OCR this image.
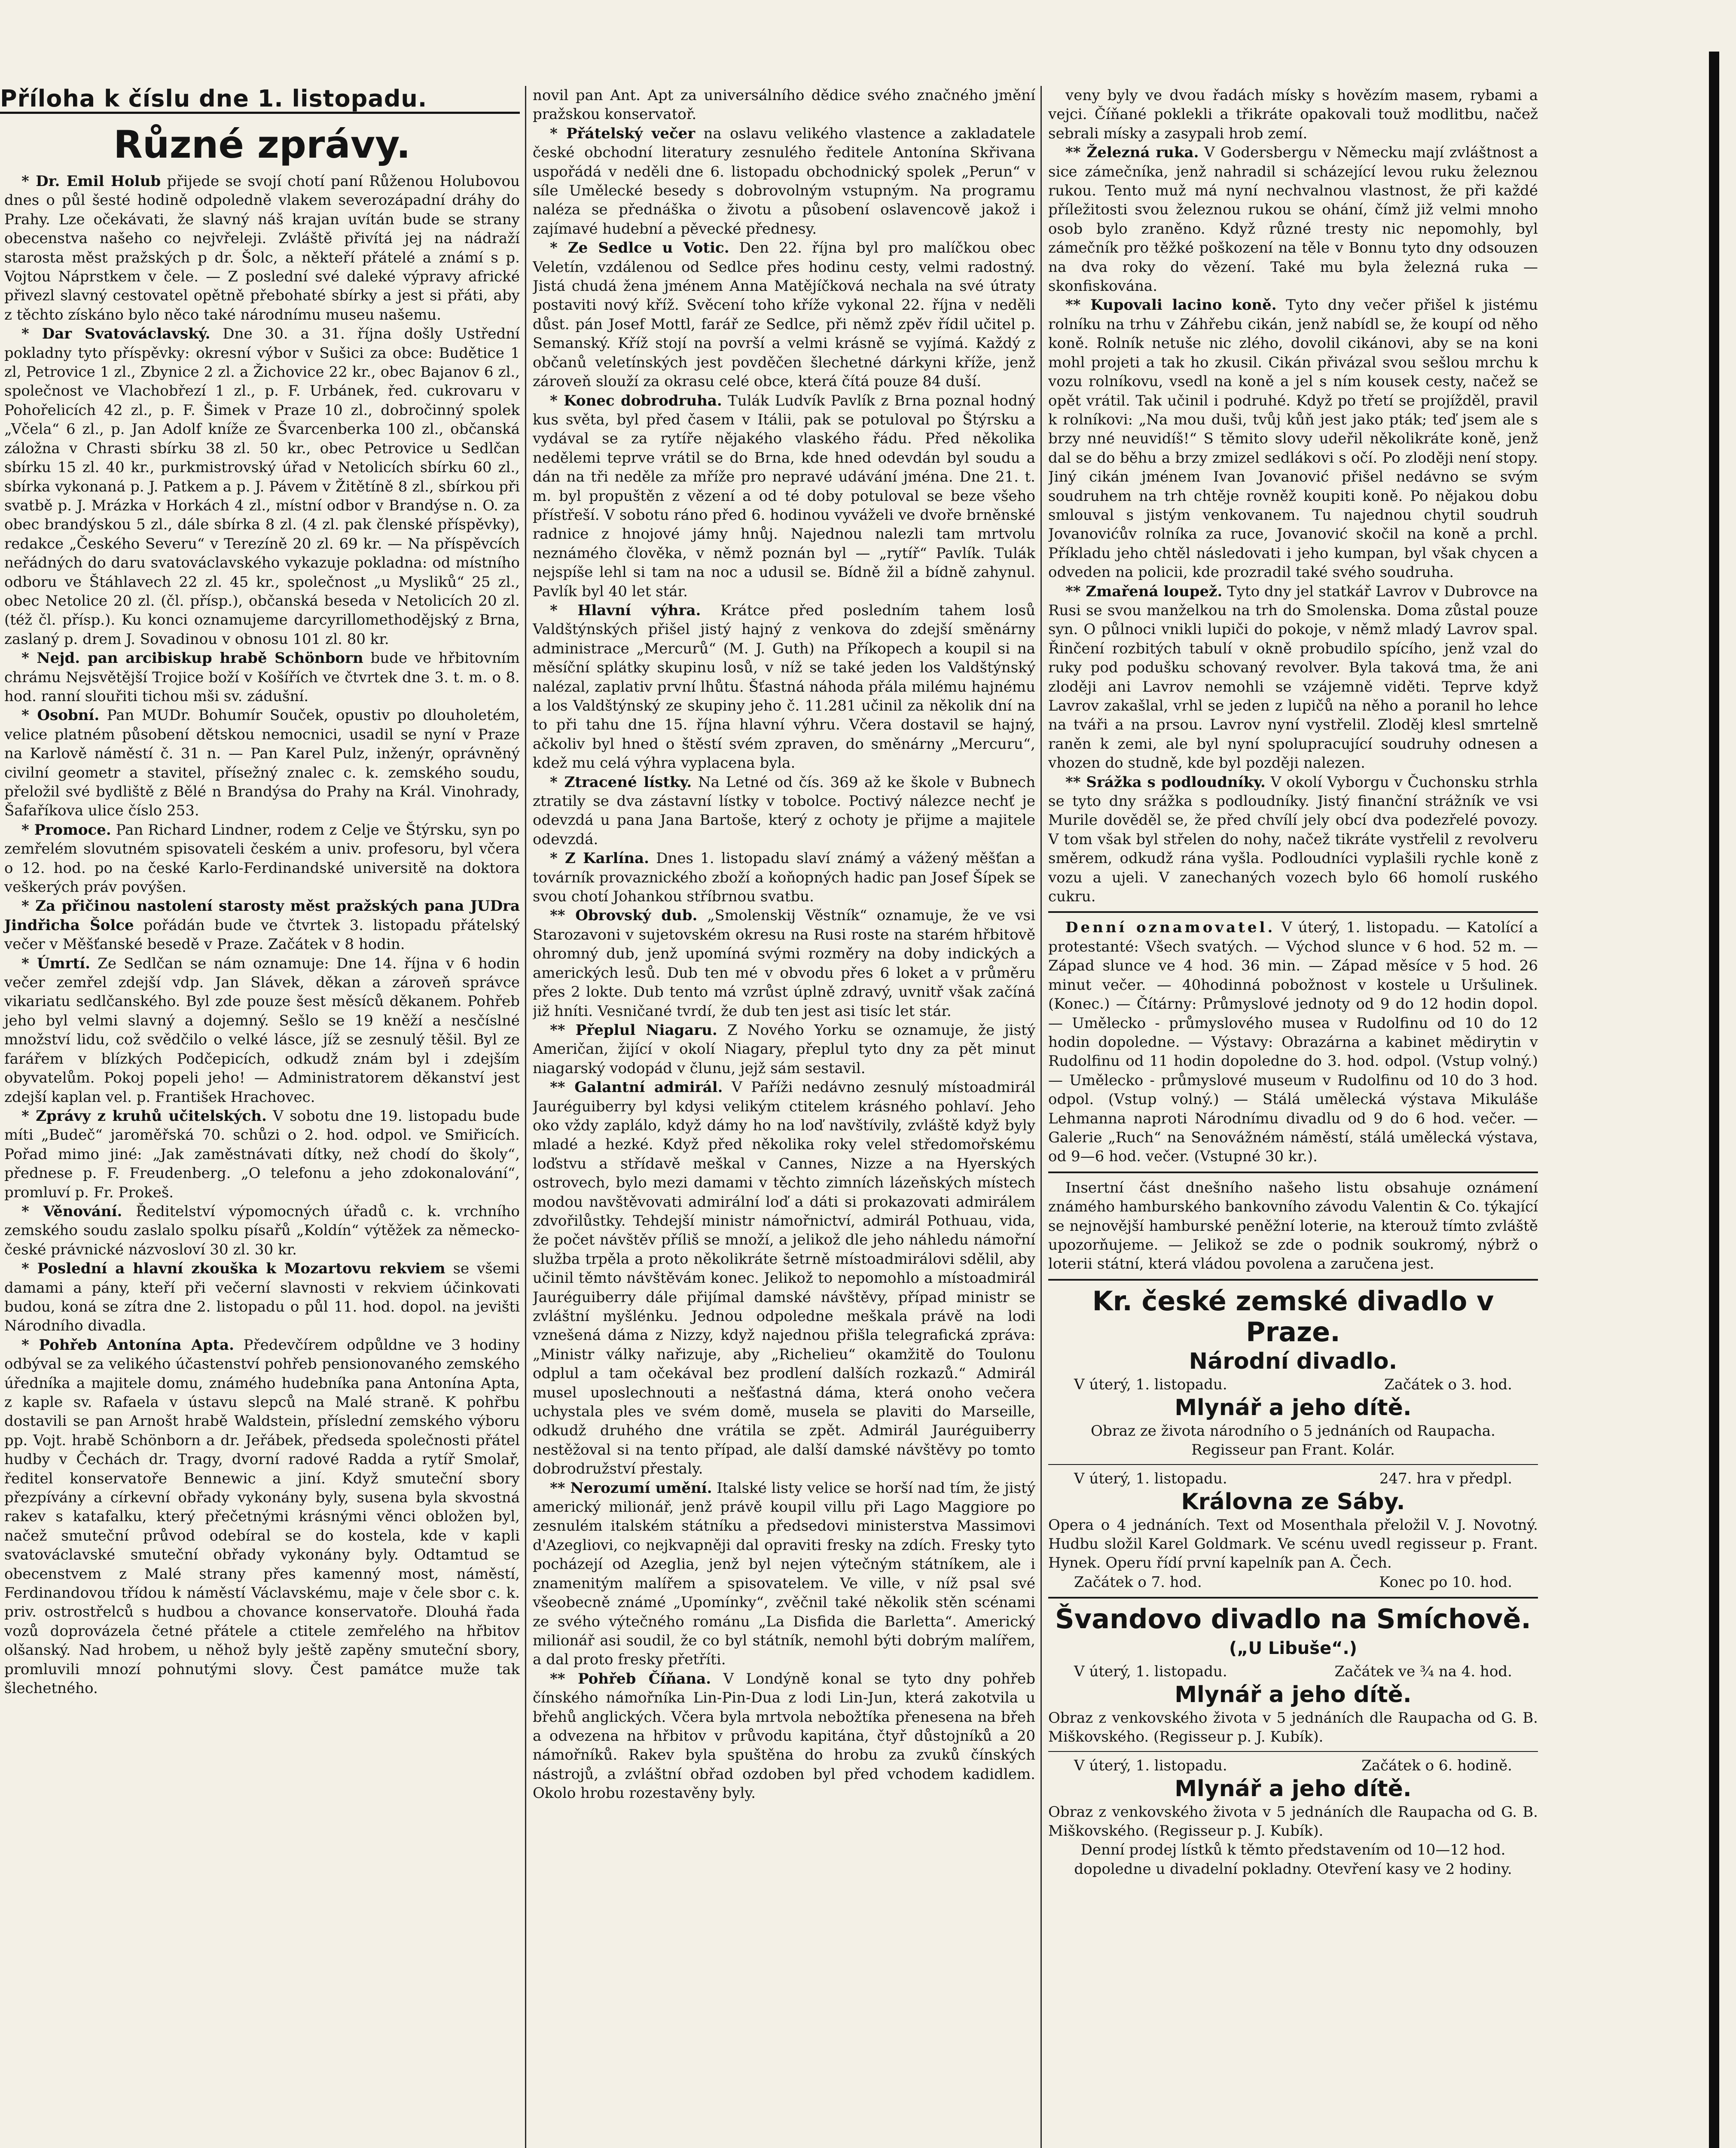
Příloha k číslu dne 1. listopadu.
Různé zprávy.

* Dr. Emil Holub přijede se svojí chotí paní Růženou Holubovou dnes o půl šesté hodině odpoledně vlakem severozápadní dráhy do Prahy. Lze očekávati, že slavný náš krajan uvítán bude se strany obecenstva našeho co nejvřeleji. Zvláště přivítá jej na nádraží starosta měst pražských p dr. Šolc, a někteří přátelé a známí s p. Vojtou Náprstkem v čele. — Z poslední své daleké výpravy africké přivezl slavný cestovatel opětně přebohaté sbírky a jest si přáti, aby z těchto získáno bylo něco také národnímu museu našemu.

* Dar Svatováclavský. Dne 30. a 31. října došly Ustřední pokladny tyto příspěvky: okresní výbor v Sušici za obce: Budětice 1 zl, Petrovice 1 zl., Zbynice 2 zl. a Žichovice 22 kr., obec Bajanov 6 zl., společnost ve Vlachobřezí 1 zl., p. F. Urbánek, řed. cukrovaru v Pohořelicích 42 zl., p. F. Šimek v Praze 10 zl., dobročinný spolek „Včela“ 6 zl., p. Jan Adolf kníže ze Švarcenberka 100 zl., občanská záložna v Chrasti sbírku 38 zl. 50 kr., obec Petrovice u Sedlčan sbírku 15 zl. 40 kr., purkmistrovský úřad v Netolicích sbírku 60 zl., sbírka vykonaná p. J. Patkem a p. J. Pávem v Žitětíně 8 zl., sbírkou při svatbě p. J. Mrázka v Horkách 4 zl., místní odbor v Brandýse n. O. za obec brandýskou 5 zl., dále sbírka 8 zl. (4 zl. pak členské příspěvky), redakce „Českého Severu“ v Terezíně 20 zl. 69 kr. — Na příspěvcích neřádných do daru svatováclavského vykazuje pokladna: od místního odboru ve Štáhlavech 22 zl. 45 kr., společnost „u Mysliků“ 25 zl., obec Netolice 20 zl. (čl. přísp.), občanská beseda v Netolicích 20 zl. (též čl. přísp.). Ku konci oznamujeme darcyrillomethodějský z Brna, zaslaný p. drem J. Sovadinou v obnosu 101 zl. 80 kr.

* Nejd. pan arcibiskup hrabě Schönborn bude ve hřbitovním chrámu Nejsvětější Trojice boží v Košířích ve čtvrtek dne 3. t. m. o 8. hod. ranní slouřiti tichou mši sv. zádušní.

* Osobní. Pan MUDr. Bohumír Souček, opustiv po dlouholetém, velice platném působení dětskou nemocnici, usadil se nyní v Praze na Karlově náměstí č. 31 n. — Pan Karel Pulz, inženýr, oprávněný civilní geometr a stavitel, přísežný znalec c. k. zemského soudu, přeložil své bydliště z Bělé n Brandýsa do Prahy na Král. Vinohrady, Šafaříkova ulice číslo 253.

* Promoce. Pan Richard Lindner, rodem z Celje ve Štýrsku, syn po zemřelém slovutném spisovateli českém a univ. profesoru, byl včera o 12. hod. po na české Karlo-Ferdinandské universitě na doktora veškerých práv povýšen.

* Za přičinou nastolení starosty měst pražských pana JUDra Jindřicha Šolce pořádán bude ve čtvrtek 3. listopadu přátelský večer v Měšťanské besedě v Praze. Začátek v 8 hodin.

* Úmrtí. Ze Sedlčan se nám oznamuje: Dne 14. října v 6 hodin večer zemřel zdejší vdp. Jan Slávek, děkan a zároveň správce vikariatu sedlčanského. Byl zde pouze šest měsíců děkanem. Pohřeb jeho byl velmi slavný a dojemný. Sešlo se 19 kněží a nesčíslné množství lidu, což svědčilo o velké lásce, jíž se zesnulý těšil. Byl ze farářem v blízkých Podčepicích, odkudž znám byl i zdejším obyvatelům. Pokoj popeli jeho! — Administratorem děkanství jest zdejší kaplan vel. p. František Hrachovec.

* Zprávy z kruhů učitelských. V sobotu dne 19. listopadu bude míti „Budeč“ jaroměřská 70. schůzi o 2. hod. odpol. ve Smiřicích. Pořad mimo jiné: „Jak zaměstnávati dítky, než chodí do školy“, přednese p. F. Freudenberg. „O telefonu a jeho zdokonalování“, promluví p. Fr. Prokeš.

* Věnování. Ředitelství výpomocných úřadů c. k. vrchního zemského soudu zaslalo spolku písařů „Koldín“ výtěžek za německo-české právnické názvosloví 30 zl. 30 kr.

* Poslední a hlavní zkouška k Mozartovu rekviem se všemi damami a pány, kteří při večerní slavnosti v rekviem účinkovati budou, koná se zítra dne 2. listopadu o půl 11. hod. dopol. na jevišti Národního divadla.

* Pohřeb Antonína Apta. Předevčírem odpůldne ve 3 hodiny odbýval se za velikého účastenství pohřeb pensionovaného zemského úředníka a majitele domu, známého hudebníka pana Antonína Apta, z kaple sv. Rafaela v ústavu slepců na Malé straně. K pohřbu dostavili se pan Arnošt hrabě Waldstein, příslední zemského výboru pp. Vojt. hrabě Schönborn a dr. Jeřábek, předseda společnosti přátel hudby v Čechách dr. Tragy, dvorní radové Radda a rytíř Smolař, ředitel konservatoře Bennewic a jiní. Když smuteční sbory přezpívány a církevní obřady vykonány byly, susena byla skvostná rakev s katafalku, který přečetnými krásnými věnci obložen byl, načež smuteční průvod odebíral se do kostela, kde v kapli svatováclavské smuteční obřady vykonány byly. Odtamtud se obecenstvem z Malé strany přes kamenný most, náměstí, Ferdinandovou třídou k náměstí Václavskému, maje v čele sbor c. k. priv. ostrostřelců s hudbou a chovance konservatoře. Dlouhá řada vozů doprovázela četné přátele a ctitele zemřelého na hřbitov olšanský. Nad hrobem, u něhož byly ještě zapěny smuteční sbory, promluvili mnozí pohnutými slovy. Čest památce muže tak šlechetného.

novil pan Ant. Apt za universálního dědice svého značného jmění pražskou konservatoř.

* Přátelský večer na oslavu velikého vlastence a zakladatele české obchodní literatury zesnulého ředitele Antonína Skřivana uspořádá v neděli dne 6. listopadu obchodnický spolek „Perun“ v síle Umělecké besedy s dobrovolným vstupným. Na programu naléza se přednáška o životu a působení oslavencově jakož i zajímavé hudební a pěvecké přednesy.

* Ze Sedlce u Votic. Den 22. října byl pro malíčkou obec Veletín, vzdálenou od Sedlce přes hodinu cesty, velmi radostný. Jistá chudá žena jménem Anna Matějíčková nechala na své útraty postaviti nový kříž. Svěcení toho kříže vykonal 22. října v neděli důst. pán Josef Mottl, farář ze Sedlce, při němž zpěv řídil učitel p. Semanský. Kříž stojí na površí a velmi krásně se vyjímá. Každý z občanů veletínských jest povděčen šlechetné dárkyni kříže, jenž zároveň slouží za okrasu celé obce, která čítá pouze 84 duší.

* Konec dobrodruha. Tulák Ludvík Pavlík z Brna poznal hodný kus světa, byl před časem v Itálii, pak se potuloval po Štýrsku a vydával se za rytíře nějakého vlaského řádu. Před několika nedělemi teprve vrátil se do Brna, kde hned odevdán byl soudu a dán na tři neděle za mříže pro nepravé udávání jména. Dne 21. t. m. byl propuštěn z vězení a od té doby potuloval se beze všeho přístřeší. V sobotu ráno před 6. hodinou vyváželi ve dvoře brněnské radnice z hnojové jámy hnůj. Najednou nalezli tam mrtvolu neznámého člověka, v němž poznán byl — „rytíř“ Pavlík. Tulák nejspíše lehl si tam na noc a udusil se. Bídně žil a bídně zahynul. Pavlík byl 40 let stár.

* Hlavní výhra. Krátce před posledním tahem losů Valdštýnských přišel jistý hajný z venkova do zdejší směnárny administrace „Mercurů“ (M. J. Guth) na Příkopech a koupil si na měsíční splátky skupinu losů, v níž se také jeden los Valdštýnský nalézal, zaplativ první lhůtu. Šťastná náhoda přála milému hajnému a los Valdštýnský ze skupiny jeho č. 11.281 učinil za několik dní na to při tahu dne 15. října hlavní výhru. Včera dostavil se hajný, ačkoliv byl hned o štěstí svém zpraven, do směnárny „Mercuru“, kdež mu celá výhra vyplacena byla.

* Ztracené lístky. Na Letné od čís. 369 až ke škole v Bubnech ztratily se dva zástavní lístky v tobolce. Poctivý nálezce nechť je odevzdá u pana Jana Bartoše, který z ochoty je přijme a majitele odevzdá.

* Z Karlína. Dnes 1. listopadu slaví známý a vážený měšťan a továrník provaznického zboží a koňopných hadic pan Josef Šípek se svou chotí Johankou stříbrnou svatbu.

** Obrovský dub. „Smolenskij Věstník“ oznamuje, že ve vsi Starozavoni v sujetovském okresu na Rusi roste na starém hřbitově ohromný dub, jenž upomíná svými rozměry na doby indických a amerických lesů. Dub ten mé v obvodu přes 6 loket a v průměru přes 2 lokte. Dub tento má vzrůst úplně zdravý, uvnitř však začíná již hníti. Vesničané tvrdí, že dub ten jest asi tisíc let stár.

** Přeplul Niagaru. Z Nového Yorku se oznamuje, že jistý Američan, žijící v okolí Niagary, přeplul tyto dny za pět minut niagarský vodopád v člunu, jejž sám sestavil.

** Galantní admirál. V Paříži nedávno zesnulý místoadmirál Jauréguiberry byl kdysi velikým ctitelem krásného pohlaví. Jeho oko vždy zaplálo, když dámy ho na loď navštívily, zvláště když byly mladé a hezké. Když před několika roky velel středomořskému loďstvu a střídavě meškal v Cannes, Nizze a na Hyerských ostrovech, bylo mezi damami v těchto zimních lázeňských místech modou navštěvovati admirální loď a dáti si prokazovati admirálem zdvořilůstky. Tehdejší ministr námořnictví, admirál Pothuau, vida, že počet návštěv příliš se množí, a jelikož dle jeho náhledu námořní služba trpěla a proto několikráte šetrně místoadmirálovi sdělil, aby učinil těmto návštěvám konec. Jelikož to nepomohlo a místoadmirál Jauréguiberry dále přijímal damské návštěvy, případ ministr se zvláštní myšlénku. Jednou odpoledne meškala právě na lodi vznešená dáma z Nizzy, když najednou přišla telegrafická zpráva: „Ministr války nařizuje, aby „Richelieu“ okamžitě do Toulonu odplul a tam očekával bez prodlení dalších rozkazů.“ Admirál musel uposlechnouti a nešťastná dáma, která onoho večera uchystala ples ve svém domě, musela se plaviti do Marseille, odkudž druhého dne vrátila se zpět. Admirál Jauréguiberry nestěžoval si na tento případ, ale další damské návštěvy po tomto dobrodružství přestaly.

** Nerozumí umění. Italské listy velice se horší nad tím, že jistý americký milionář, jenž právě koupil villu při Lago Maggiore po zesnulém italském státníku a předsedovi ministerstva Massimovi d'Azegliovi, co nejkvapněji dal opraviti fresky na zdích. Fresky tyto pocházejí od Azeglia, jenž byl nejen výtečným státníkem, ale i znamenitým malířem a spisovatelem. Ve ville, v níž psal své všeobecně známé „Upomínky“, zvěčnil také několik stěn scénami ze svého výtečného románu „La Disfida die Barletta“. Americký milionář asi soudil, že co byl státník, nemohl býti dobrým malířem, a dal proto fresky přetříti.

** Pohřeb Číňana. V Londýně konal se tyto dny pohřeb čínského námořníka Lin-Pin-Dua z lodi Lin-Jun, která zakotvila u břehů anglických. Včera byla mrtvola nebožtíka přenesena na břeh a odvezena na hřbitov v průvodu kapitána, čtyř důstojníků a 20 námořníků. Rakev byla spuštěna do hrobu za zvuků čínských nástrojů, a zvláštní obřad ozdoben byl před vchodem kadidlem. Okolo hrobu rozestavěny byly.

veny byly ve dvou řadách mísky s hovězím masem, rybami a vejci. Číňané poklekli a třikráte opakovali touž modlitbu, načež sebrali mísky a zasypali hrob zemí.

** Železná ruka. V Godersbergu v Německu mají zvláštnost a sice zámečníka, jenž nahradil si scházející levou ruku železnou rukou. Tento muž má nyní nechvalnou vlastnost, že při každé příležitosti svou železnou rukou se ohání, čímž již velmi mnoho osob bylo zraněno. Když různé tresty nic nepomohly, byl zámečník pro těžké poškození na těle v Bonnu tyto dny odsouzen na dva roky do vězení. Také mu byla železná ruka — skonfiskována.

** Kupovali lacino koně. Tyto dny večer přišel k jistému rolníku na trhu v Záhřebu cikán, jenž nabídl se, že koupí od něho koně. Rolník netuše nic zlého, dovolil cikánovi, aby se na koni mohl projeti a tak ho zkusil. Cikán přivázal svou sešlou mrchu k vozu rolníkovu, vsedl na koně a jel s ním kousek cesty, načež se opět vrátil. Tak učinil i podruhé. Když po třetí se projížděl, pravil k rolníkovi: „Na mou duši, tvůj kůň jest jako pták; teď jsem ale s brzy nné neuvidíš!“ S těmito slovy udeřil několikráte koně, jenž dal se do běhu a brzy zmizel sedlákovi s očí. Po zloději není stopy. Jiný cikán jménem Ivan Jovanović přišel nedávno se svým soudruhem na trh chtěje rovněž koupiti koně. Po nějakou dobu smlouval s jistým venkovanem. Tu najednou chytil soudruh Jovanovićův rolníka za ruce, Jovanović skočil na koně a prchl. Příkladu jeho chtěl následovati i jeho kumpan, byl však chycen a odveden na policii, kde prozradil také svého soudruha.

** Zmařená loupež. Tyto dny jel statkář Lavrov v Dubrovce na Rusi se svou manželkou na trh do Smolenska. Doma zůstal pouze syn. O půlnoci vnikli lupiči do pokoje, v němž mladý Lavrov spal. Řinčení rozbitých tabulí v okně probudilo spícího, jenž vzal do ruky pod podušku schovaný revolver. Byla taková tma, že ani zloději ani Lavrov nemohli se vzájemně viděti. Teprve když Lavrov zakašlal, vrhl se jeden z lupičů na něho a poranil ho lehce na tváři a na prsou. Lavrov nyní vystřelil. Zloděj klesl smrtelně raněn k zemi, ale byl nyní spolupracující soudruhy odnesen a vhozen do studně, kde byl později nalezen.

** Srážka s podloudníky. V okolí Vyborgu v Čuchonsku strhla se tyto dny srážka s podloudníky. Jistý finanční strážník ve vsi Murile dověděl se, že před chvílí jely obcí dva podezřelé povozy. V tom však byl střelen do nohy, načež tikráte vystřelil z revolveru směrem, odkudž rána vyšla. Podloudníci vyplašili rychle koně z vozu a ujeli. V zanechaných vozech bylo 66 homolí ruského cukru.

Denní oznamovatel. V úterý, 1. listopadu. — Katolící a protestanté: Všech svatých. — Východ slunce v 6 hod. 52 m. — Západ slunce ve 4 hod. 36 min. — Západ měsíce v 5 hod. 26 minut večer. — 40hodinná pobožnost v kostele u Uršulinek. (Konec.) — Čítárny: Průmyslové jednoty od 9 do 12 hodin dopol. — Umělecko - průmyslového musea v Rudolfinu od 10 do 12 hodin dopoledne. — Výstavy: Obrazárna a kabinet mědirytin v Rudolfinu od 11 hodin dopoledne do 3. hod. odpol. (Vstup volný.) — Umělecko - průmyslové museum v Rudolfinu od 10 do 3 hod. odpol. (Vstup volný.) — Stálá umělecká výstava Mikuláše Lehmanna naproti Národnímu divadlu od 9 do 6 hod. večer. — Galerie „Ruch“ na Senovážném náměstí, stálá umělecká výstava, od 9—6 hod. večer. (Vstupné 30 kr.).

Insertní část dnešního našeho listu obsahuje oznámení známého hamburského bankovního závodu Valentin & Co. týkající se nejnovější hamburské peněžní loterie, na kterouž tímto zvláště upozorňujeme. — Jelikož se zde o podnik soukromý, nýbrž o loterii státní, která vládou povolena a zaručena jest.

Kr. české zemské divadlo v Praze.
Národní divadlo.
V úterý, 1. listopadu.	Začátek o 3. hod.
Mlynář a jeho dítě.

Obraz ze života národního o 5 jednáních od Raupacha.

Regisseur pan Frant. Kolár.

V úterý, 1. listopadu.	247. hra v předpl.
Královna ze Sáby.

Opera o 4 jednáních. Text od Mosenthala přeložil V. J. Novotný. Hudbu složil Karel Goldmark. Ve scénu uvedl regisseur p. Frant. Hynek. Operu řídí první kapelník pan A. Čech.

Začátek o 7. hod.	Konec po 10. hod.
Švandovo divadlo na Smíchově.
(„U Libuše“.)
V úterý, 1. listopadu.	Začátek ve ¾ na 4. hod.
Mlynář a jeho dítě.

Obraz z venkovského života v 5 jednáních dle Raupacha od G. B. Miškovského. (Regisseur p. J. Kubík).

V úterý, 1. listopadu.	Začátek o 6. hodině.
Mlynář a jeho dítě.

Obraz z venkovského života v 5 jednáních dle Raupacha od G. B. Miškovského. (Regisseur p. J. Kubík).

Denní prodej lístků k těmto představením od 10—12 hod. dopoledne u divadelní pokladny. Otevření kasy ve 2 hodiny.
